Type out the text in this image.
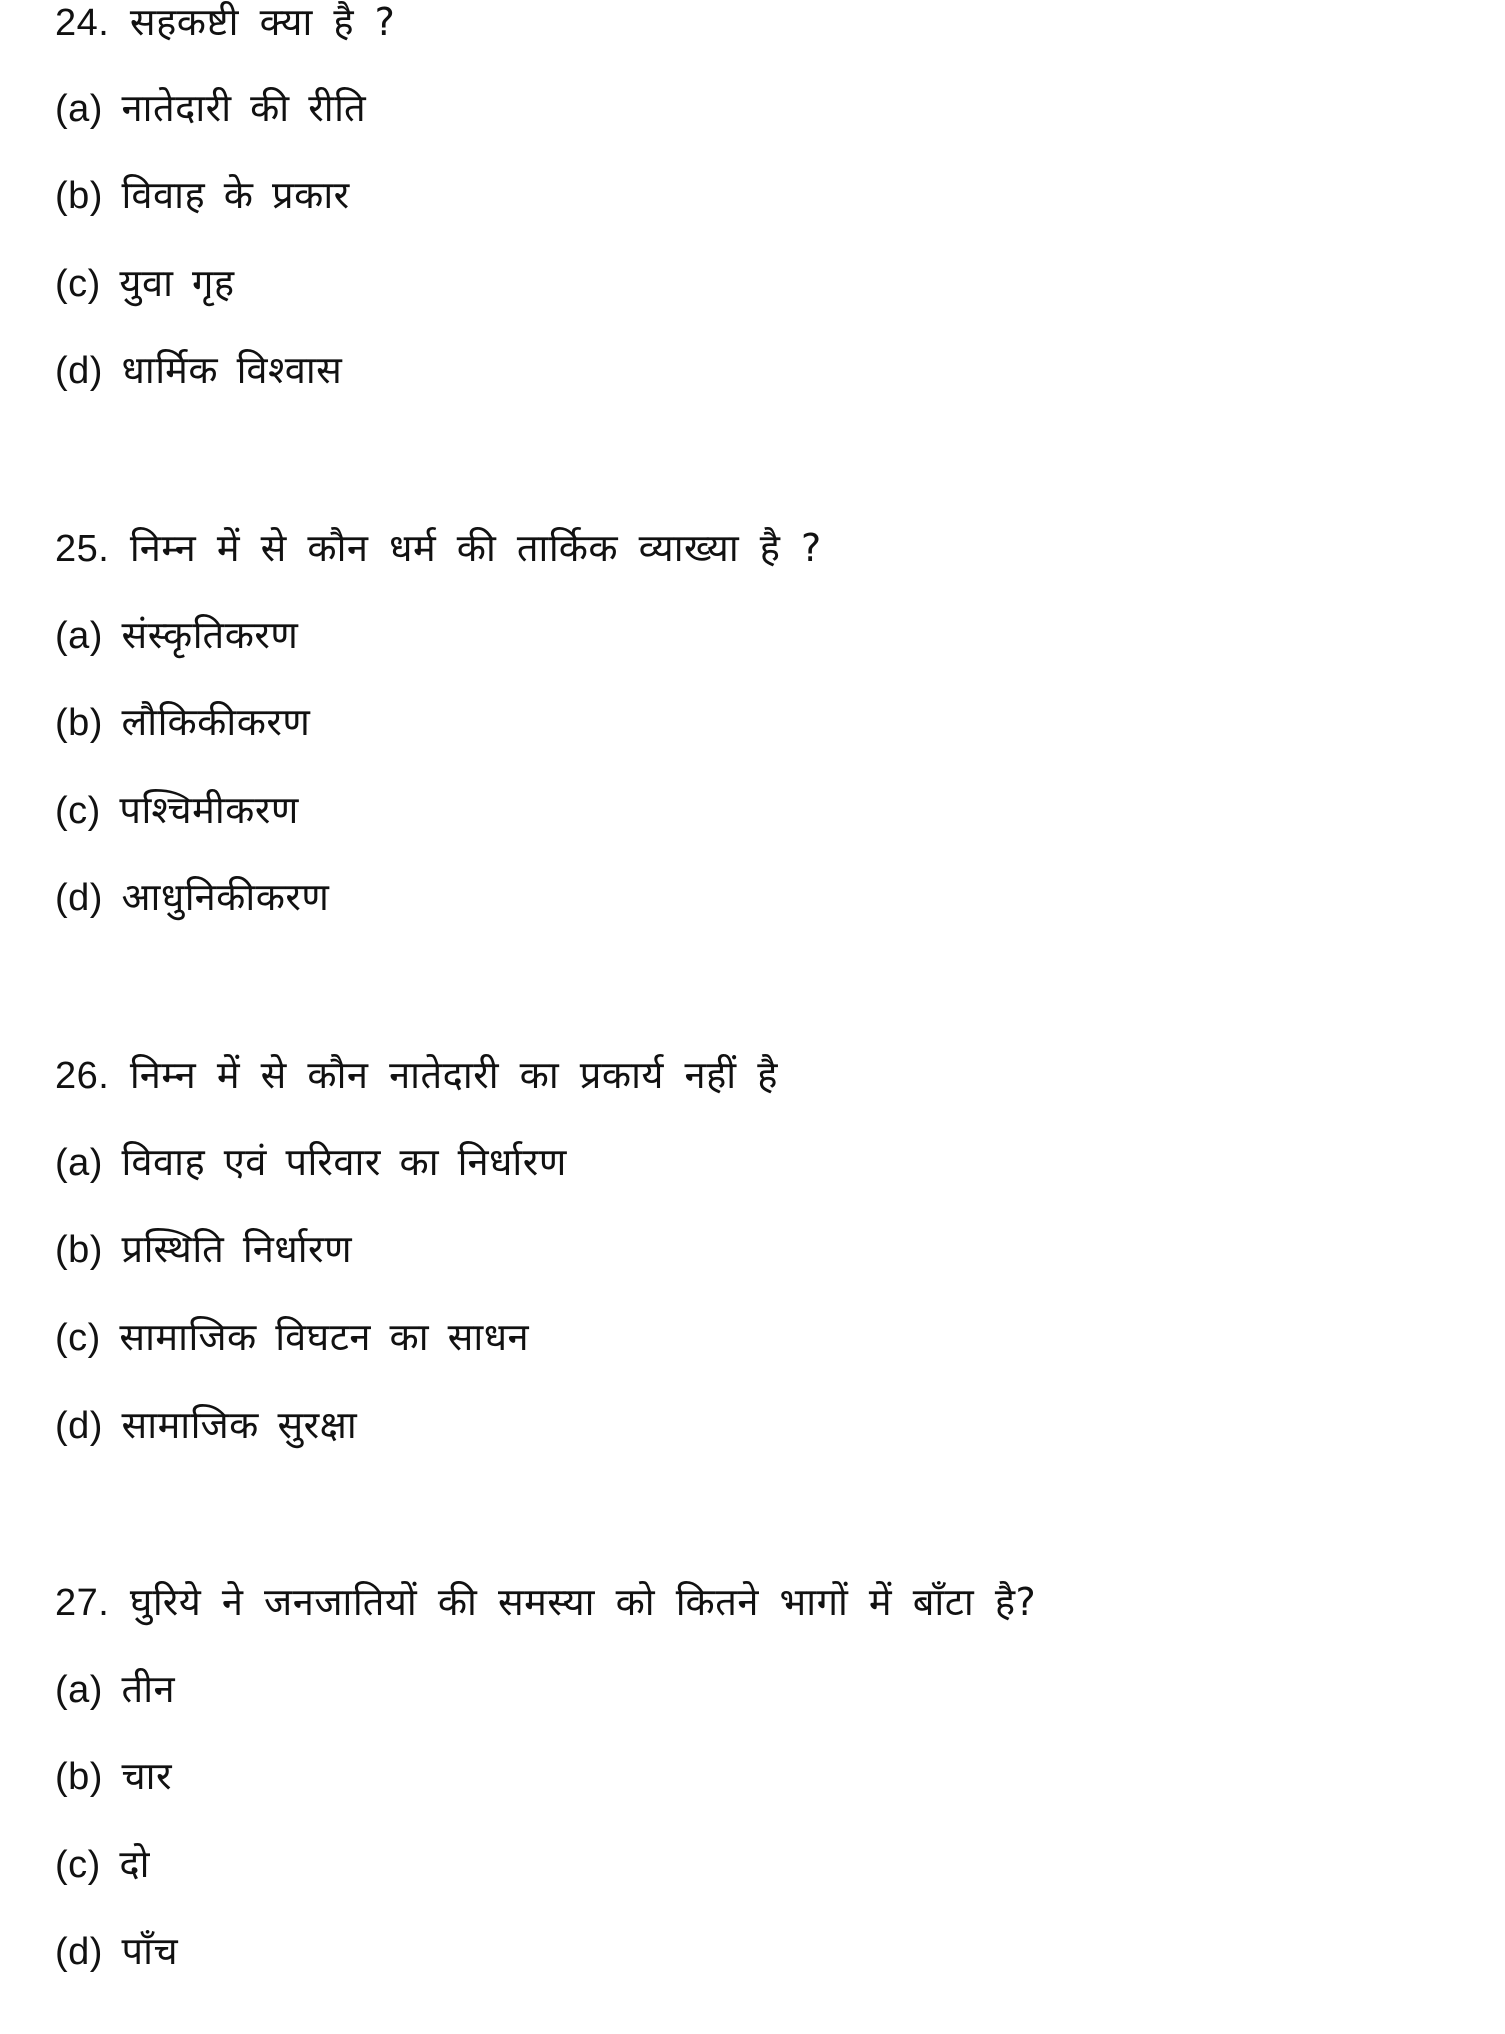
24. सहकष्टी क्या है ?
(a) नातेदारी की रीति
(b) विवाह के प्रकार
(c) युवा गृह
(d) धार्मिक विश्वास
25. निम्न में से कौन धर्म की तार्किक व्याख्या है ?
(a) संस्कृतिकरण
(b) लौकिकीकरण
(c) पश्चिमीकरण
(d) आधुनिकीकरण
26. निम्न में से कौन नातेदारी का प्रकार्य नहीं है
(a) विवाह एवं परिवार का निर्धारण
(b) प्रस्थिति निर्धारण
(c) सामाजिक विघटन का साधन
(d) सामाजिक सुरक्षा
27. घुरिये ने जनजातियों की समस्या को कितने भागों में बाँटा है?
(a) तीन
(b) चार
(c) दो
(d) पाँच
